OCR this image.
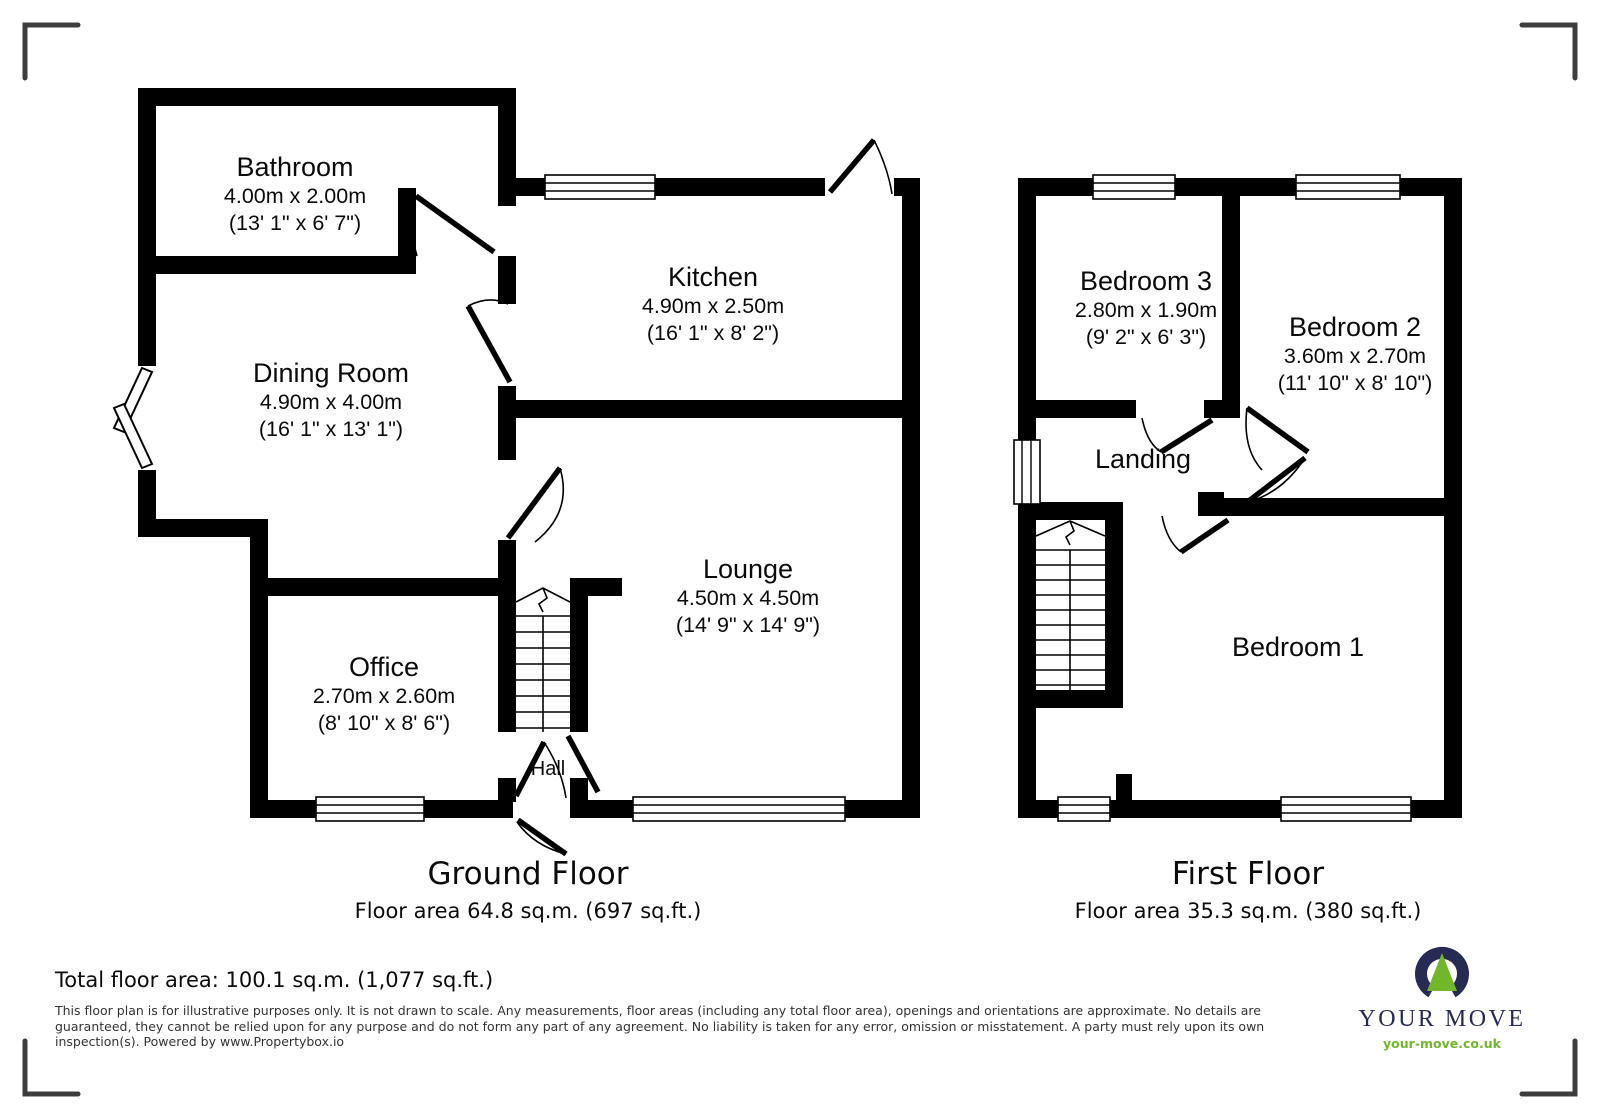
Bathroom
4.00m x 2.00m
(13' 1" x 6' 7")
Kitchen
4.90m x 2.50m
(16' 1" x 8' 2")
Dining Room
4.90m x 4.00m
(16' 1" x 13' 1")
Lounge
4.50m x 4.50m
(14' 9" x 14' 9")
Office
2.70m x 2.60m
(8' 10" x 8' 6")
Hall
Bedroom 3
2.80m x 1.90m
(9' 2" x 6' 3")	Bedroom 2
3.60m x 2.70m
(11' 10" x 8' 10")
Landing
Bedroom 1
Ground Floor
Floor area 64.8 sq.m. (697 sq.ft.)
First Floor
Floor area 35.3 sq.m. (380 sq.ft.)
Total floor area: 100.1 sq.m. (1,077 sq.ft.)
This floor plan is for illustrative purposes only. It is not drawn to scale. Any measurements, floor areas (including any total floor area), openings and orientations are approximate. No details are guaranteed, they cannot be relied upon for any purpose and do not form any part of any agreement. No liability is taken for any error, omission or misstatement. A party must rely upon its own inspection(s). Powered by www.Propertybox.io
YOUR MOVE
your-move.co.uk
